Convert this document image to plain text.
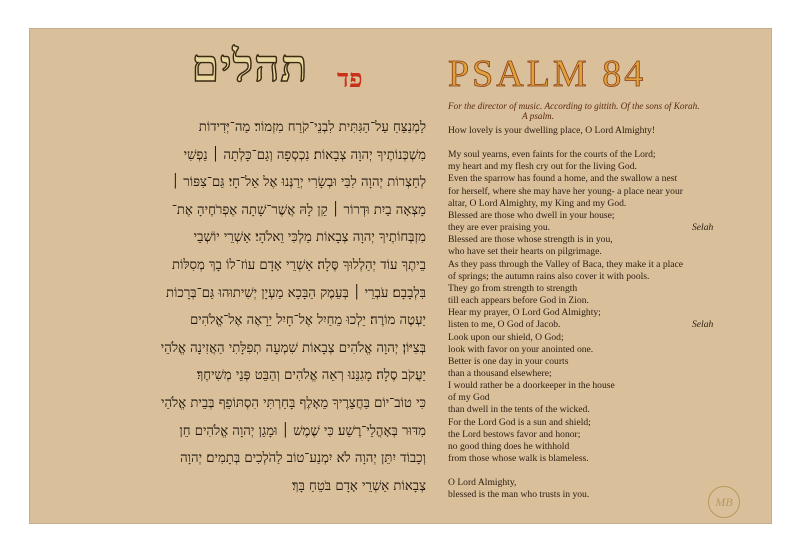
תהלים	פד
לַמְנַצֵּחַ עַל־הַגִּתִּית לִבְנֵי־קֹרַח מִזְמוֹר׃ מַה־יְּדִידוֹת
מִשְׁכְּנוֹתֶיךָ יְהוָה צְבָאוֹת׃ נִכְסְפָה וְגַם־כָּלְתָה ׀ נַפְשִׁי
לְחַצְרוֹת יְהוָה לִבִּי וּבְשָׂרִי יְרַנְּנוּ אֶל אֵל־חָי׃ גַּם־צִפּוֹר ׀
מָצְאָה בַיִת וּדְרוֹר ׀ קֵן לָהּ אֲשֶׁר־שָׁתָה אֶפְרֹחֶיהָ אֶת־
מִזְבְּחוֹתֶיךָ יְהוָה צְבָאוֹת מַלְכִּי וֵאלֹהָי׃ אַשְׁרֵי יוֹשְׁבֵי
בֵיתֶךָ עוֹד יְהַלְלוּךָ סֶּלָה׃ אַשְׁרֵי אָדָם עוֹז־לוֹ בָךְ מְסִלּוֹת
בִּלְבָבָם׃ עֹבְרֵי ׀ בְּעֵמֶק הַבָּכָא מַעְיָן יְשִׁיתוּהוּ גַּם־בְּרָכוֹת
יַעְטֶה מוֹרֶה׃ יֵלְכוּ מֵחַיִל אֶל־חָיִל יֵרָאֶה אֶל־אֱלֹהִים
בְּצִיּוֹן׃ יְהוָה אֱלֹהִים צְבָאוֹת שִׁמְעָה תְפִלָּתִי הַאֲזִינָה אֱלֹהֵי
יַעֲקֹב סֶלָה׃ מָגִנֵּנוּ רְאֵה אֱלֹהִים וְהַבֵּט פְּנֵי מְשִׁיחֶךָ׃
כִּי טוֹב־יוֹם בַּחֲצֵרֶיךָ מֵאָלֶף בָּחַרְתִּי הִסְתּוֹפֵף בְּבֵית אֱלֹהַי
מִדּוּר בְּאָהֳלֵי־רֶשַׁע׃ כִּי שֶׁמֶשׁ ׀ וּמָגֵן יְהוָה אֱלֹהִים חֵן
וְכָבוֹד יִתֵּן יְהוָה לֹא יִמְנַע־טוֹב לַהֹלְכִים בְּתָמִים׃ יְהוָה
צְבָאוֹת אַשְׁרֵי אָדָם בֹּטֵחַ בָּךְ׃
PSALM 84
For the director of music. According to gittith. Of the sons of Korah.
A psalm.
How lovely is your dwelling place, O Lord Almighty!
My soul yearns, even faints for the courts of the Lord;
my heart and my flesh cry out for the living God.
Even the sparrow has found a home, and the swallow a nest
for herself, where she may have her young- a place near your
altar, O Lord Almighty, my King and my God.
Blessed are those who dwell in your house;
they are ever praising you.	Selah
Blessed are those whose strength is in you,
who have set their hearts on pilgrimage.
As they pass through the Valley of Baca, they make it a place
of springs; the autumn rains also cover it with pools.
They go from strength to strength
till each appears before God in Zion.
Hear my prayer, O Lord God Almighty;
listen to me, O God of Jacob.	Selah
Look upon our shield, O God;
look with favor on your anointed one.
Better is one day in your courts
than a thousand elsewhere;
I would rather be a doorkeeper in the house
of my God
than dwell in the tents of the wicked.
For the Lord God is a sun and shield;
the Lord bestows favor and honor;
no good thing does he withhold
from those whose walk is blameless.
O Lord Almighty,
blessed is the man who trusts in you.
MB
